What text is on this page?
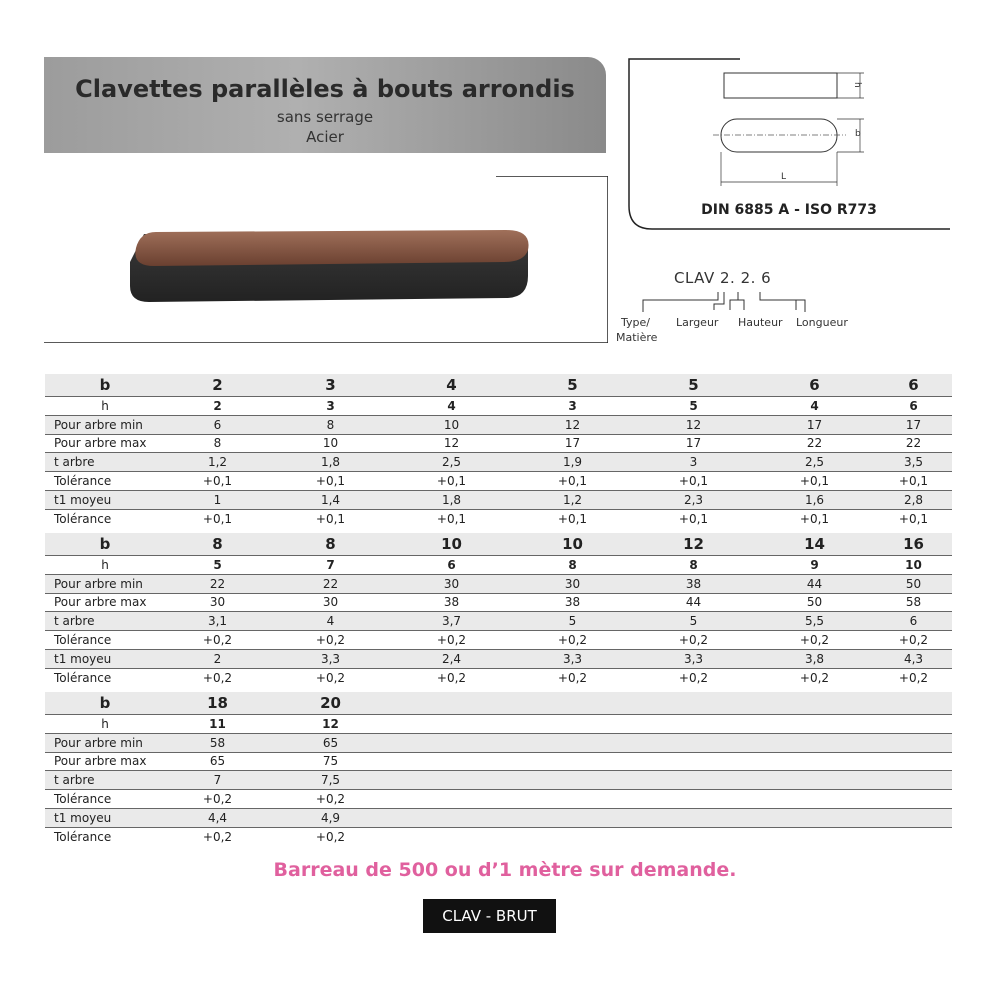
Clavettes parallèles à bouts arrondis
sans serrage
Acier
h
b
L
DIN 6885 A - ISO R773
CLAV 2. 2. 6
Type/
Matière
Largeur Hauteur Longueur
b	2	3	4	5	5	6	6
h	2	3	4	3	5	4	6
Pour arbre min	6	8	10	12	12	17	17
Pour arbre max	8	10	12	17	17	22	22
t arbre	1,2	1,8	2,5	1,9	3	2,5	3,5
Tolérance	+0,1	+0,1	+0,1	+0,1	+0,1	+0,1	+0,1
t1 moyeu	1	1,4	1,8	1,2	2,3	1,6	2,8
Tolérance	+0,1	+0,1	+0,1	+0,1	+0,1	+0,1	+0,1
b	8	8	10	10	12	14	16
h	5	7	6	8	8	9	10
Pour arbre min	22	22	30	30	38	44	50
Pour arbre max	30	30	38	38	44	50	58
t arbre	3,1	4	3,7	5	5	5,5	6
Tolérance	+0,2	+0,2	+0,2	+0,2	+0,2	+0,2	+0,2
t1 moyeu	2	3,3	2,4	3,3	3,3	3,8	4,3
Tolérance	+0,2	+0,2	+0,2	+0,2	+0,2	+0,2	+0,2
b	18	20					
h	11	12					
Pour arbre min	58	65					
Pour arbre max	65	75					
t arbre	7	7,5					
Tolérance	+0,2	+0,2					
t1 moyeu	4,4	4,9					
Tolérance	+0,2	+0,2					
Barreau de 500 ou d’1 mètre sur demande.
CLAV - BRUT
